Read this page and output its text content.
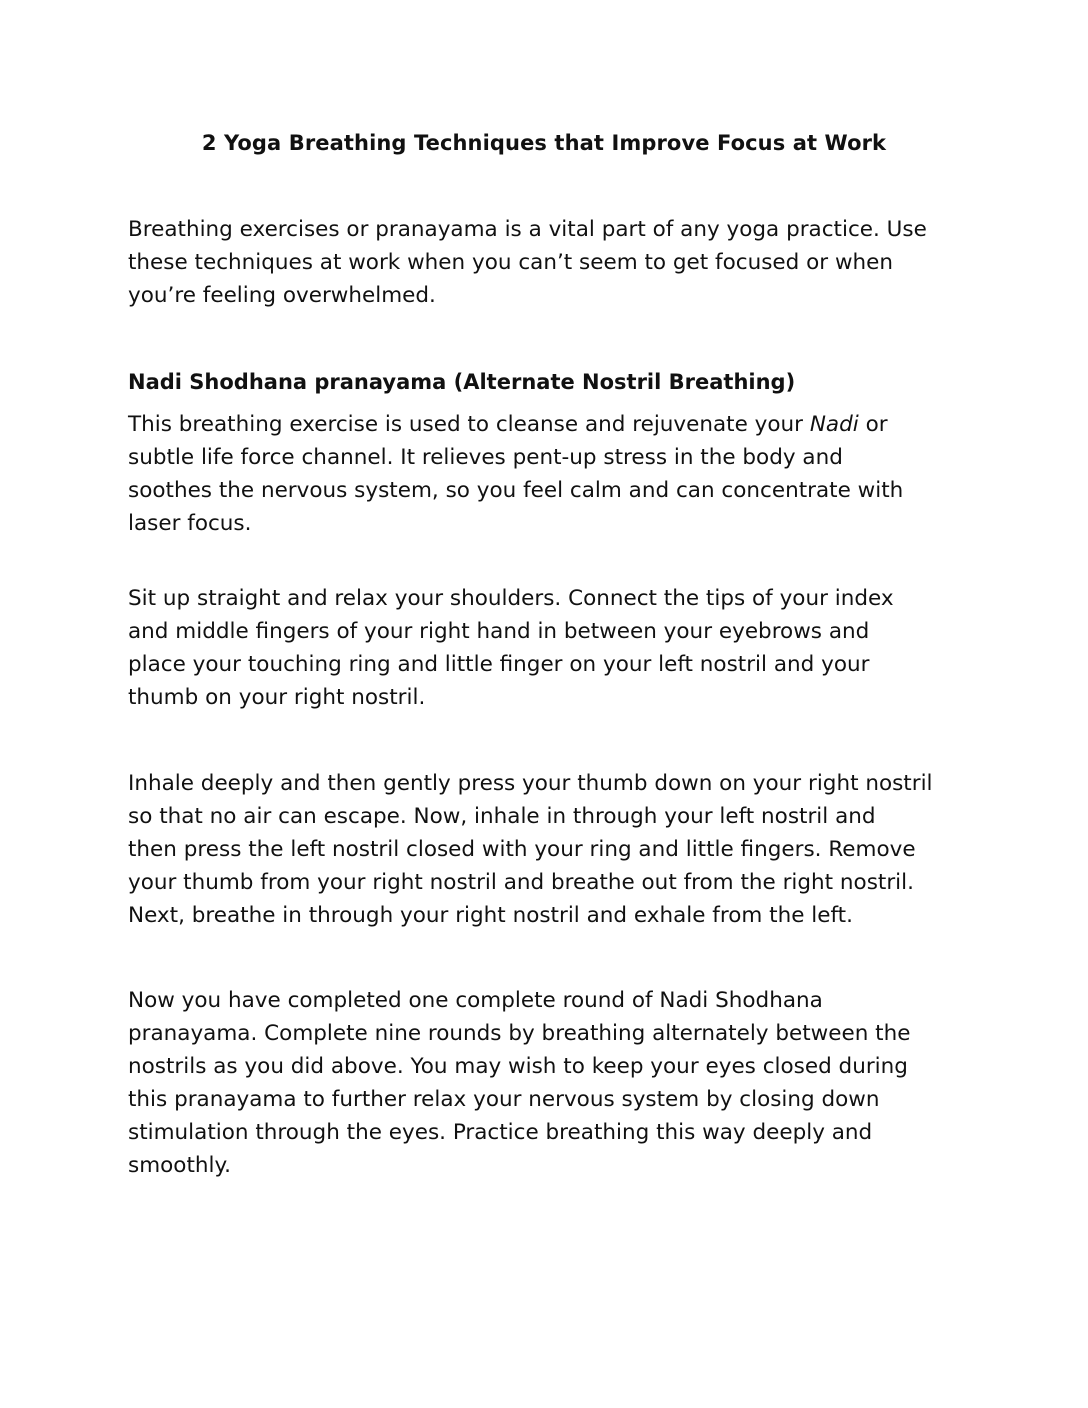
2 Yoga Breathing Techniques that Improve Focus at Work

Breathing exercises or pranayama is a vital part of any yoga practice. Use
these techniques at work when you can’t seem to get focused or when
you’re feeling overwhelmed.

Nadi Shodhana pranayama (Alternate Nostril Breathing)

This breathing exercise is used to cleanse and rejuvenate your Nadi or
subtle life force channel. It relieves pent-up stress in the body and
soothes the nervous system, so you feel calm and can concentrate with
laser focus.

Sit up straight and relax your shoulders. Connect the tips of your index
and middle fingers of your right hand in between your eyebrows and
place your touching ring and little finger on your left nostril and your
thumb on your right nostril.

Inhale deeply and then gently press your thumb down on your right nostril
so that no air can escape. Now, inhale in through your left nostril and
then press the left nostril closed with your ring and little fingers. Remove
your thumb from your right nostril and breathe out from the right nostril.
Next, breathe in through your right nostril and exhale from the left.

Now you have completed one complete round of Nadi Shodhana
pranayama. Complete nine rounds by breathing alternately between the
nostrils as you did above. You may wish to keep your eyes closed during
this pranayama to further relax your nervous system by closing down
stimulation through the eyes. Practice breathing this way deeply and
smoothly.
